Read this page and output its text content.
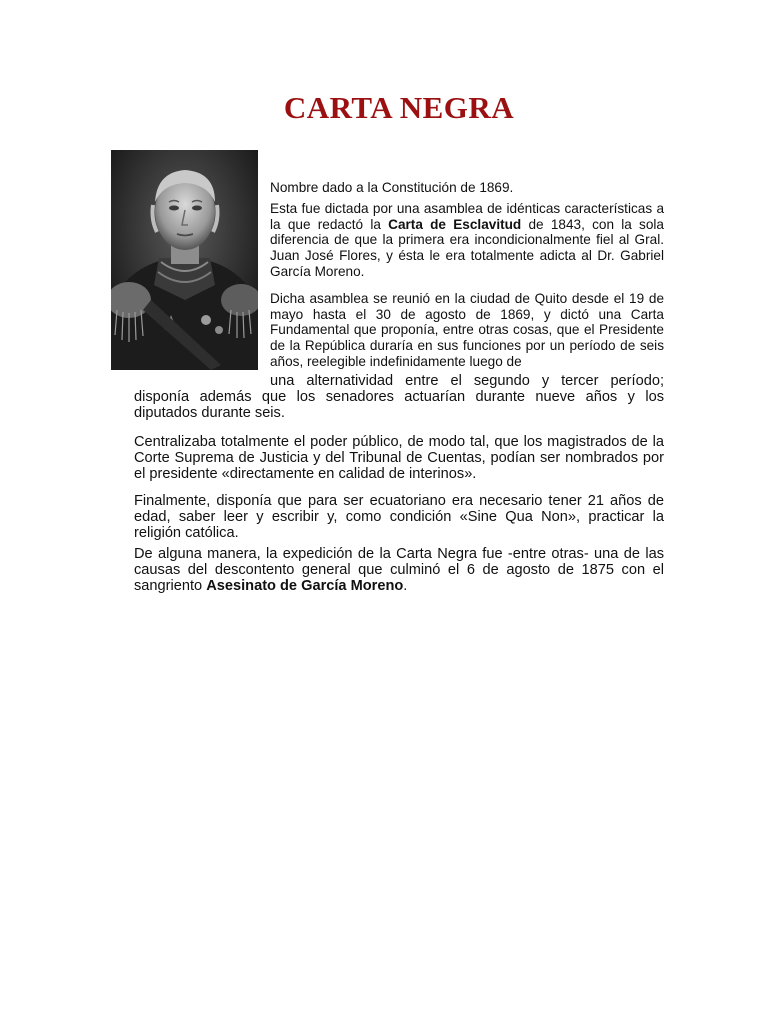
CARTA NEGRA

Nombre dado a la Constitución de 1869.

Esta fue dictada por una asamblea de idénticas características a la que redactó la Carta de Esclavitud de 1843, con la sola diferencia de que la primera era incondicionalmente fiel al Gral. Juan José Flores, y ésta le era totalmente adicta al Dr. Gabriel García Moreno.

Dicha asamblea se reunió en la ciudad de Quito desde el 19 de mayo hasta el 30 de agosto de 1869, y dictó una Carta Fundamental que proponía, entre otras cosas, que el Presidente de la República duraría en sus funciones por un período de seis años, reelegible indefinidamente luego de

una alternatividad entre el segundo y tercer período; disponía además que los senadores actuarían durante nueve años y los diputados durante seis.

Centralizaba totalmente el poder público, de modo tal, que los magistrados de la Corte Suprema de Justicia y del Tribunal de Cuentas, podían ser nombrados por el presidente «directamente en calidad de interinos».

Finalmente, disponía que para ser ecuatoriano era necesario tener 21 años de edad, saber leer y escribir y, como condición «Sine Qua Non», practicar la religión católica.

De alguna manera, la expedición de la Carta Negra fue -entre otras- una de las causas del descontento general que culminó el 6 de agosto de 1875 con el sangriento Asesinato de García Moreno.
